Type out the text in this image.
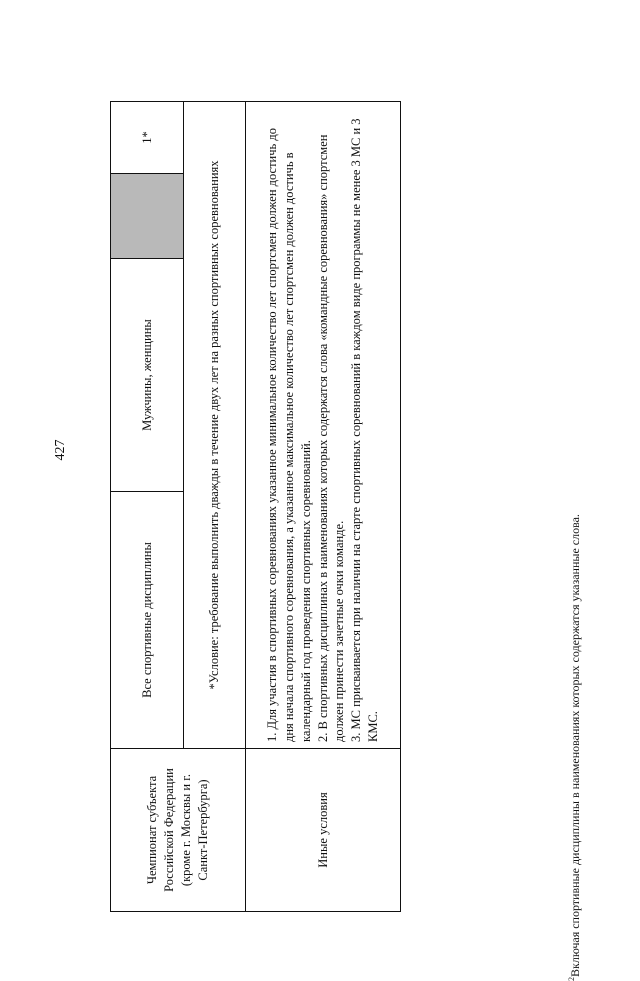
427
Чемпионат субъекта Российской Федерации (кроме г. Москвы и г. Санкт-Петербурга)	Все спортивные дисциплины	Мужчины, женщины		1*
	*Условие: требование выполнить дважды в течение двух лет на разных спортивных соревнованиях			
Иные условия	1. Для участия в спортивных соревнованиях указанное минимальное количество лет спортсмен должен достичь до дня начала спортивного соревнования, а указанное максимальное количество лет спортсмен должен достичь в календарный год проведения спортивных соревнований. 2. В спортивных дисциплинах в наименованиях которых содержатся слова «командные соревнования» спортсмен должен принести зачетные очки команде. 3. МС присваивается при наличии на старте спортивных соревнований в каждом виде программы не менее 3 МС и 3 КМС.			
$^2$Включая спортивные дисциплины в наименованиях которых содержатся указанные слова.
